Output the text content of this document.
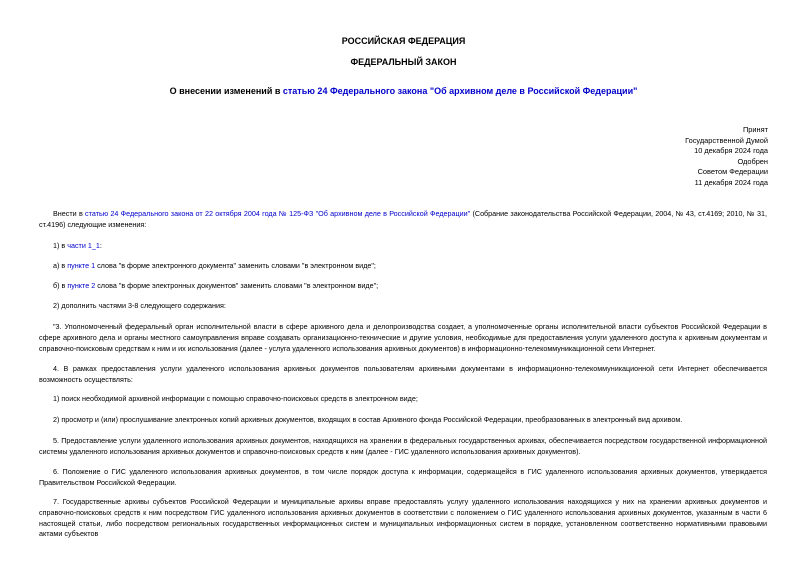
РОССИЙСКАЯ ФЕДЕРАЦИЯ
ФЕДЕРАЛЬНЫЙ ЗАКОН
О внесении изменений в статью 24 Федерального закона "Об архивном деле в Российской Федерации"
Принят
Государственной Думой
10 декабря 2024 года
Одобрен
Советом Федерации
11 декабря 2024 года
Внести в статью 24 Федерального закона от 22 октября 2004 года № 125-ФЗ "Об архивном деле в Российской Федерации" (Собрание законодательства Российской Федерации, 2004, № 43, ст.4169; 2010, № 31, ст.4196) следующие изменения:
1) в части 1_1:
а) в пункте 1 слова "в форме электронного документа" заменить словами "в электронном виде";
б) в пункте 2 слова "в форме электронных документов" заменить словами "в электронном виде";
2) дополнить частями 3-8 следующего содержания:
"3. Уполномоченный федеральный орган исполнительной власти в сфере архивного дела и делопроизводства создает, а уполномоченные органы исполнительной власти субъектов Российской Федерации в сфере архивного дела и органы местного самоуправления вправе создавать организационно-технические и другие условия, необходимые для предоставления услуги удаленного доступа к архивным документам и справочно-поисковым средствам к ним и их использования (далее - услуга удаленного использования архивных документов) в информационно-телекоммуникационной сети Интернет.
4. В рамках предоставления услуги удаленного использования архивных документов пользователям архивными документами в информационно-телекоммуникационной сети Интернет обеспечивается возможность осуществлять:
1) поиск необходимой архивной информации с помощью справочно-поисковых средств в электронном виде;
2) просмотр и (или) прослушивание электронных копий архивных документов, входящих в состав Архивного фонда Российской Федерации, преобразованных в электронный вид архивом.
5. Предоставление услуги удаленного использования архивных документов, находящихся на хранении в федеральных государственных архивах, обеспечивается посредством государственной информационной системы удаленного использования архивных документов и справочно-поисковых средств к ним (далее - ГИС удаленного использования архивных документов).
6. Положение о ГИС удаленного использования архивных документов, в том числе порядок доступа к информации, содержащейся в ГИС удаленного использования архивных документов, утверждается Правительством Российской Федерации.
7. Государственные архивы субъектов Российской Федерации и муниципальные архивы вправе предоставлять услугу удаленного использования находящихся у них на хранении архивных документов и справочно-поисковых средств к ним посредством ГИС удаленного использования архивных документов в соответствии с положением о ГИС удаленного использования архивных документов, указанным в части 6 настоящей статьи, либо посредством региональных государственных информационных систем и муниципальных информационных систем в порядке, установленном соответственно нормативными правовыми актами субъектов
